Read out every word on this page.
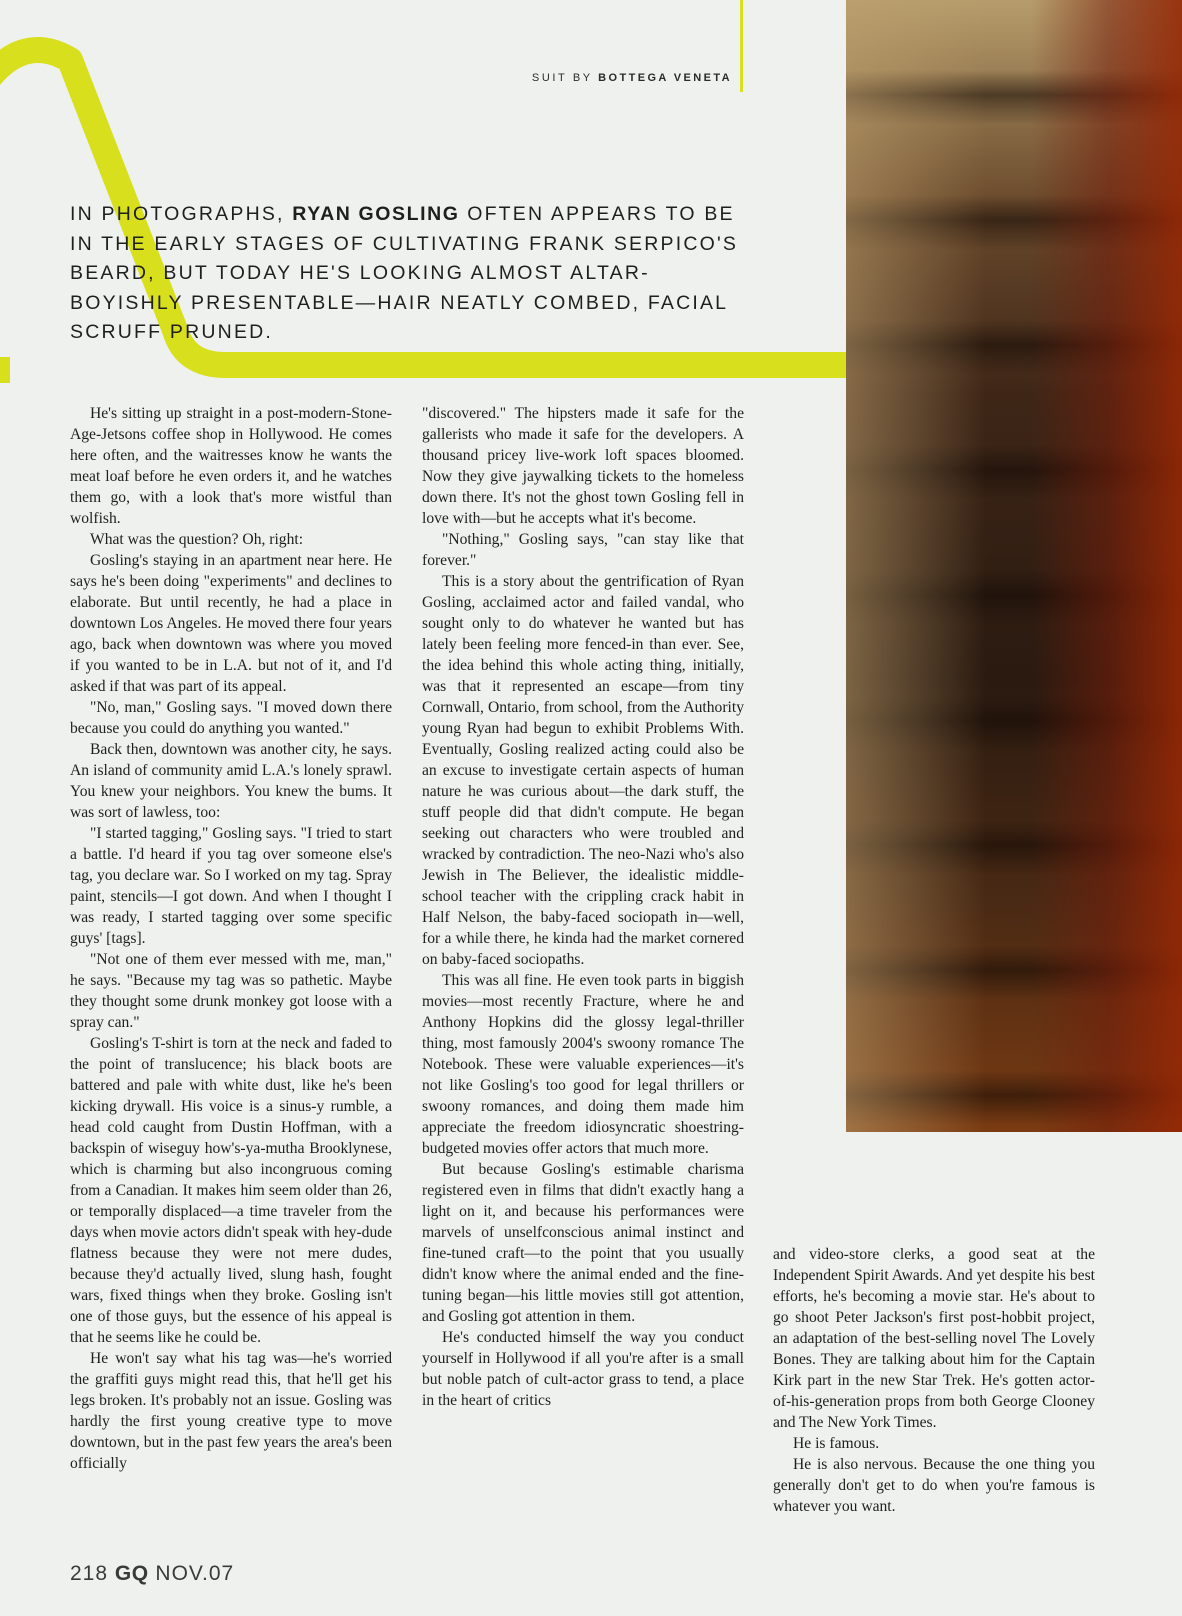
SUIT BY BOTTEGA VENETA
IN PHOTOGRAPHS, RYAN GOSLING OFTEN APPEARS TO BE IN THE EARLY STAGES OF CULTIVATING FRANK SERPICO'S BEARD, BUT TODAY HE'S LOOKING ALMOST ALTAR-BOYISHLY PRESENTABLE—HAIR NEATLY COMBED, FACIAL SCRUFF PRUNED.

He's sitting up straight in a post-modern-Stone-Age-Jetsons coffee shop in Hollywood. He comes here often, and the waitresses know he wants the meat loaf before he even orders it, and he watches them go, with a look that's more wistful than wolfish.

What was the question? Oh, right:

Gosling's staying in an apartment near here. He says he's been doing "experiments" and declines to elaborate. But until recently, he had a place in downtown Los Angeles. He moved there four years ago, back when downtown was where you moved if you wanted to be in L.A. but not of it, and I'd asked if that was part of its appeal.

"No, man," Gosling says. "I moved down there because you could do anything you wanted."

Back then, downtown was another city, he says. An island of community amid L.A.'s lonely sprawl. You knew your neighbors. You knew the bums. It was sort of lawless, too:

"I started tagging," Gosling says. "I tried to start a battle. I'd heard if you tag over someone else's tag, you declare war. So I worked on my tag. Spray paint, stencils—I got down. And when I thought I was ready, I started tagging over some specific guys' [tags].

"Not one of them ever messed with me, man," he says. "Because my tag was so pathetic. Maybe they thought some drunk monkey got loose with a spray can."

Gosling's T-shirt is torn at the neck and faded to the point of translucence; his black boots are battered and pale with white dust, like he's been kicking drywall. His voice is a sinus-y rumble, a head cold caught from Dustin Hoffman, with a backspin of wiseguy how's-ya-mutha Brooklynese, which is charming but also incongruous coming from a Canadian. It makes him seem older than 26, or temporally displaced—a time traveler from the days when movie actors didn't speak with hey-dude flatness because they were not mere dudes, because they'd actually lived, slung hash, fought wars, fixed things when they broke. Gosling isn't one of those guys, but the essence of his appeal is that he seems like he could be.

He won't say what his tag was—he's worried the graffiti guys might read this, that he'll get his legs broken. It's probably not an issue. Gosling was hardly the first young creative type to move downtown, but in the past few years the area's been officially

"discovered." The hipsters made it safe for the gallerists who made it safe for the developers. A thousand pricey live-work loft spaces bloomed. Now they give jaywalking tickets to the homeless down there. It's not the ghost town Gosling fell in love with—but he accepts what it's become.

"Nothing," Gosling says, "can stay like that forever."

This is a story about the gentrification of Ryan Gosling, acclaimed actor and failed vandal, who sought only to do whatever he wanted but has lately been feeling more fenced-in than ever. See, the idea behind this whole acting thing, initially, was that it represented an escape—from tiny Cornwall, Ontario, from school, from the Authority young Ryan had begun to exhibit Problems With. Eventually, Gosling realized acting could also be an excuse to investigate certain aspects of human nature he was curious about—the dark stuff, the stuff people did that didn't compute. He began seeking out characters who were troubled and wracked by contradiction. The neo-Nazi who's also Jewish in The Believer, the idealistic middle-school teacher with the crippling crack habit in Half Nelson, the baby-faced sociopath in—well, for a while there, he kinda had the market cornered on baby-faced sociopaths.

This was all fine. He even took parts in biggish movies—most recently Fracture, where he and Anthony Hopkins did the glossy legal-thriller thing, most famously 2004's swoony romance The Notebook. These were valuable experiences—it's not like Gosling's too good for legal thrillers or swoony romances, and doing them made him appreciate the freedom idiosyncratic shoestring-budgeted movies offer actors that much more.

But because Gosling's estimable charisma registered even in films that didn't exactly hang a light on it, and because his performances were marvels of unselfconscious animal instinct and fine-tuned craft—to the point that you usually didn't know where the animal ended and the fine-tuning began—his little movies still got attention, and Gosling got attention in them.

He's conducted himself the way you conduct yourself in Hollywood if all you're after is a small but noble patch of cult-actor grass to tend, a place in the heart of critics

and video-store clerks, a good seat at the Independent Spirit Awards. And yet despite his best efforts, he's becoming a movie star. He's about to go shoot Peter Jackson's first post-hobbit project, an adaptation of the best-selling novel The Lovely Bones. They are talking about him for the Captain Kirk part in the new Star Trek. He's gotten actor-of-his-generation props from both George Clooney and The New York Times.

He is famous.

He is also nervous. Because the one thing you generally don't get to do when you're famous is whatever you want.

218 GQ NOV.07
